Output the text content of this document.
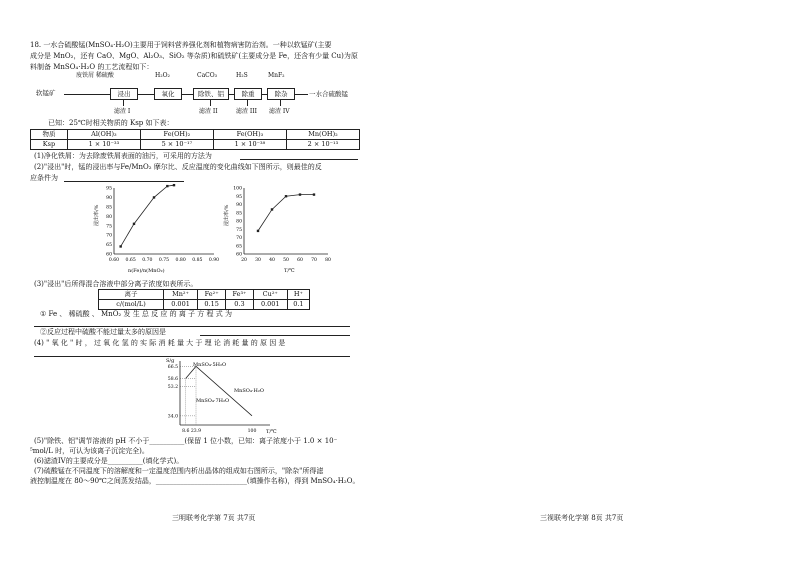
18. 一水合硫酸锰(MnSO₄·H₂O)主要用于饲料营养强化剂和植物病害防治剂。一种以软锰矿(主要
成分是 MnO₂，还有 CaO、MgO、Al₂O₃、SiO₂ 等杂质)和硫铁矿(主要成分是 Fe，还含有少量 Cu)为原
料制备 MnSO₄·H₂O 的工艺流程如下：
软锰矿
废铁屑 稀硫酸	H₂O₂	CaCO₃	H₂S	MnF₂
浸出	氧化	除铁、铝	除重	除杂	一水合硫酸锰
滤渣 I	滤渣 II	滤渣 III 滤渣 IV
已知：25℃时相关物质的 Ksp 如下表：
物质	Al(OH)₃	Fe(OH)₂	Fe(OH)₃	Mn(OH)₂
Ksp	1 × 10⁻³³	5 × 10⁻¹⁷	1 × 10⁻³⁸	2 × 10⁻¹³
(1)净化铁屑：为去除废铁屑表面的油污，可采用的方法为
(2)"浸出"时，锰的浸出率与Fe/MnO₂ 摩尔比、反应温度的变化曲线如下图所示，则最佳的反
应条件为
浸出率/%
n(Fe)/n(MnO₂)
60
65
70
75
80
85
90
95
0.60 0.65 0.70 0.75 0.80 0.85 0.90
浸出率/%
T/℃
60
65
70
75
80
85
90
95
100
20 30 40 50 60 70 80
(3)"浸出"后所得混合溶液中部分离子浓度如表所示。
离子	Mn²⁺	Fe²⁺	Fe³⁺	Cu²⁺	H⁺
c/(mol/L)	0.001	0.15	0.3	0.001	0.1
① Fe 、 稀硫酸 、 MnO₂ 发 生 总 反 应 的 离 子 方 程 式 为
②反应过程中硫酸不能过量太多的原因是
(4) " 氧 化 " 时 ， 过 氧 化 氢 的 实 际 消 耗 量 大 于 理 论 消 耗 量 的 原 因 是
S/g
T/℃
66.5
58.6
53.2
34.0
8.6 23.9	100
MnSO₄·5H₂O
MnSO₄·7H₂O
MnSO₄·H₂O
(5)"除铁、铝"调节溶液的 pH 不小于__________(保留 1 位小数，已知：离子浓度小于 1.0 × 10⁻
⁵mol/L 时，可认为该离子沉淀完全)。
(6)滤渣IV的主要成分是__________(填化学式)。
(7)硫酸锰在不同温度下的溶解度和一定温度范围内析出晶体的组成如右图所示，"除杂"所得滤
液控制温度在 80～90℃之间蒸发结晶，__________________________(填操作名称)，得到 MnSO₄·H₂O。
三明联考化学第 7页 共7页	三视联考化学第 8页 共7页
